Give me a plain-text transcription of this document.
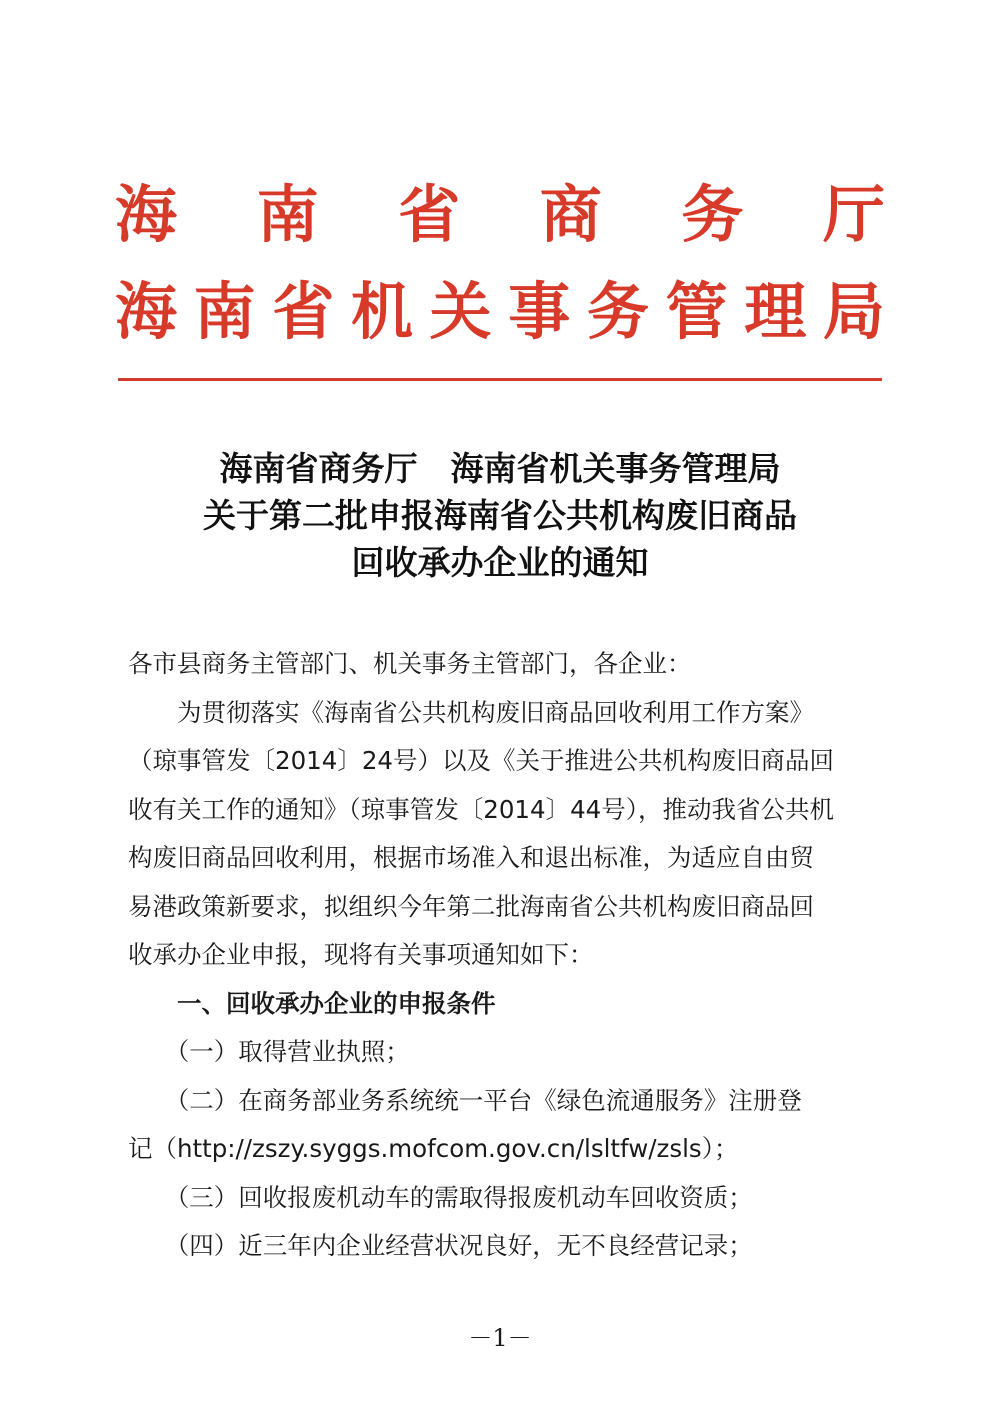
海 南 省 商 务 厅
海 南 省 机 关 事 务 管 理 局
海南省商务厅　海南省机关事务管理局
关于第二批申报海南省公共机构废旧商品
回收承办企业的通知
各市县商务主管部门、机关事务主管部门，各企业：
　　为贯彻落实《海南省公共机构废旧商品回收利用工作方案》
（琼事管发〔2014〕24号）以及《关于推进公共机构废旧商品回
收有关工作的通知》（琼事管发〔2014〕44号），推动我省公共机
构废旧商品回收利用，根据市场准入和退出标准，为适应自由贸
易港政策新要求，拟组织今年第二批海南省公共机构废旧商品回
收承办企业申报，现将有关事项通知如下：
　　一、回收承办企业的申报条件
　　（一）取得营业执照；
　　（二）在商务部业务系统统一平台《绿色流通服务》注册登
记（http://zszy.syggs.mofcom.gov.cn/lsltfw/zsls）；
　　（三）回收报废机动车的需取得报废机动车回收资质；
　　（四）近三年内企业经营状况良好，无不良经营记录；
－1－
